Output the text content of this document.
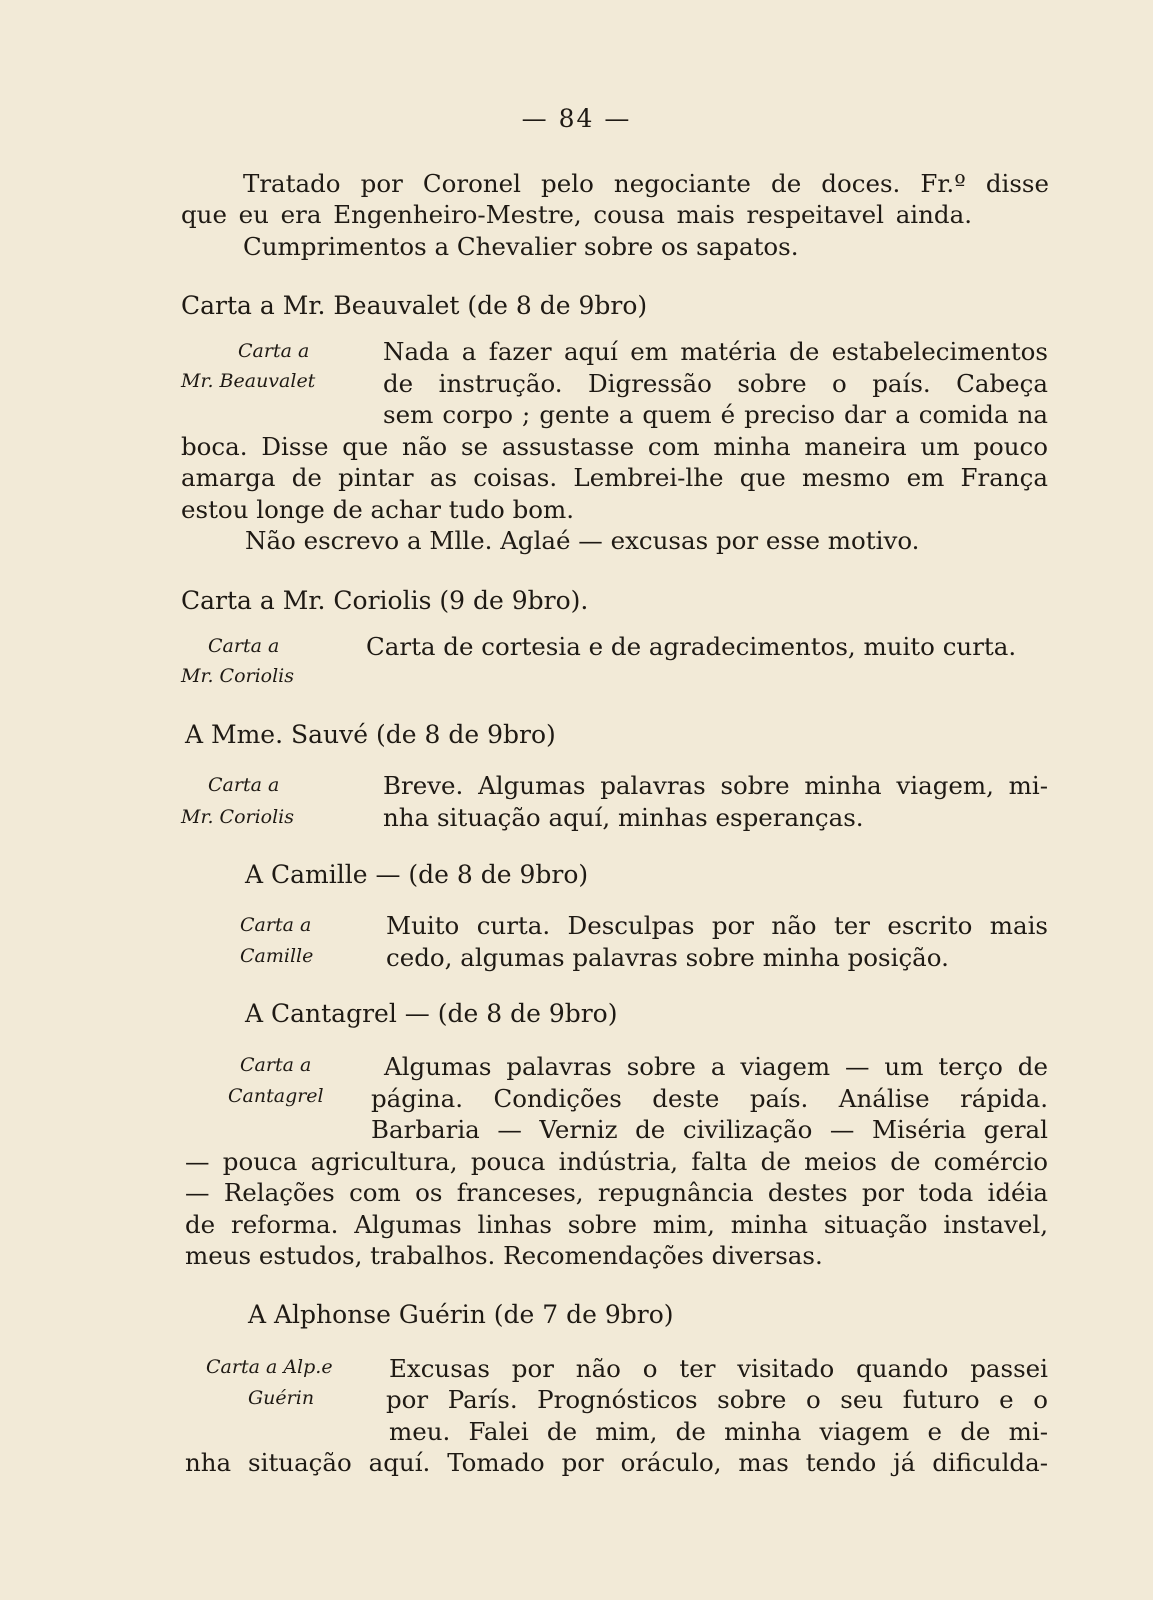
— 84 —
Tratado por Coronel pelo negociante de doces. Fr.º disse
que eu era Engenheiro-Mestre, cousa mais respeitavel ainda.
Cumprimentos a Chevalier sobre os sapatos.
Carta a Mr. Beauvalet (de 8 de 9bro)
Carta a
Mr. Beauvalet
Nada a fazer aquí em matéria de estabelecimentos
de instrução. Digressão sobre o país. Cabeça
sem corpo ; gente a quem é preciso dar a comida na
boca. Disse que não se assustasse com minha maneira um pouco
amarga de pintar as coisas. Lembrei-lhe que mesmo em França
estou longe de achar tudo bom.
Não escrevo a Mlle. Aglaé — excusas por esse motivo.
Carta a Mr. Coriolis (9 de 9bro).
Carta a
Mr. Coriolis
Carta de cortesia e de agradecimentos, muito curta.
A Mme. Sauvé (de 8 de 9bro)
Carta a
Mr. Coriolis
Breve. Algumas palavras sobre minha viagem, mi-
nha situação aquí, minhas esperanças.
A Camille — (de 8 de 9bro)
Carta a
Camille
Muito curta. Desculpas por não ter escrito mais
cedo, algumas palavras sobre minha posição.
A Cantagrel — (de 8 de 9bro)
Carta a
Cantagrel
Algumas palavras sobre a viagem — um terço de
página. Condições deste país. Análise rápida.
Barbaria — Verniz de civilização — Miséria geral
— pouca agricultura, pouca indústria, falta de meios de comércio
— Relações com os franceses, repugnância destes por toda idéia
de reforma. Algumas linhas sobre mim, minha situação instavel,
meus estudos, trabalhos. Recomendações diversas.
A Alphonse Guérin (de 7 de 9bro)
Carta a Alp.e
Guérin
Excusas por não o ter visitado quando passei
por París. Prognósticos sobre o seu futuro e o
meu. Falei de mim, de minha viagem e de mi-
nha situação aquí. Tomado por oráculo, mas tendo já dificulda-
